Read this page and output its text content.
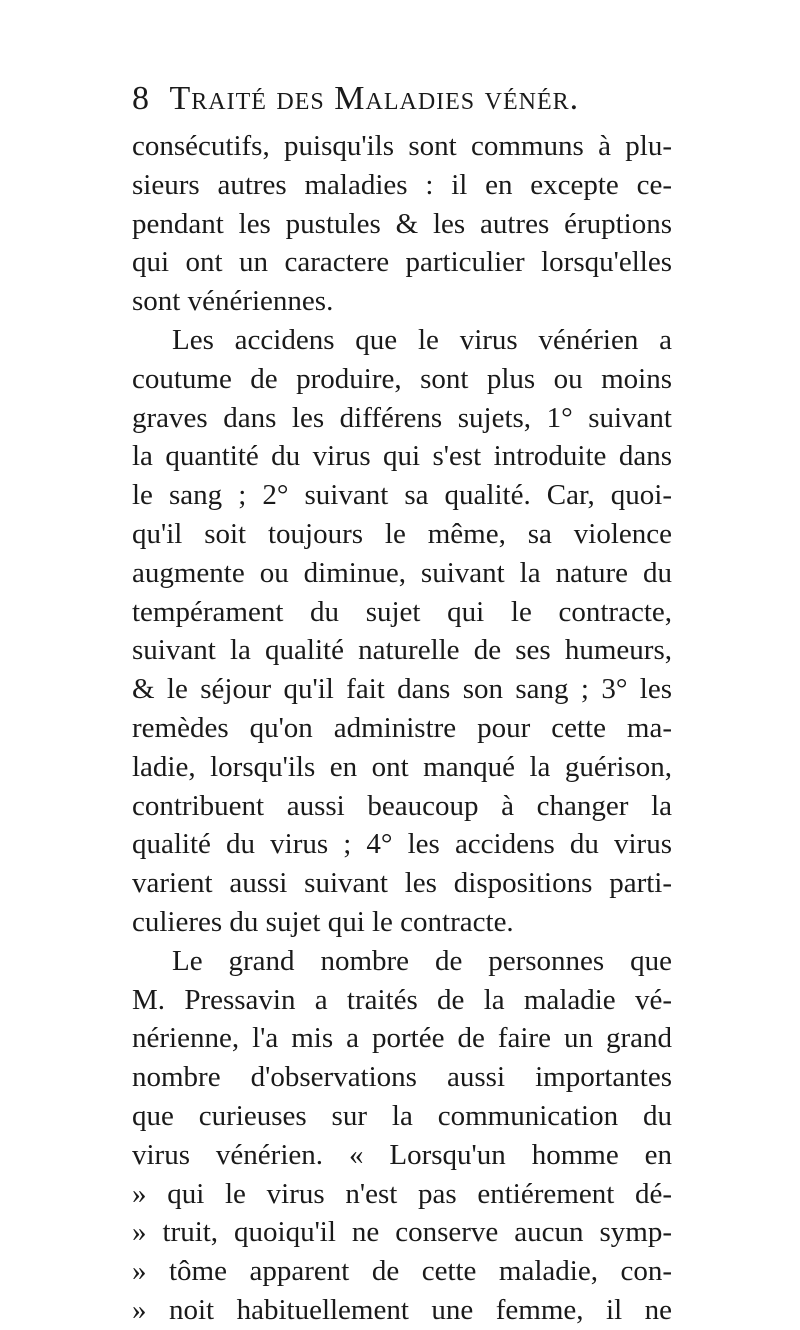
8 Traité des Maladies vénér.
consécutifs, puisqu'ils sont communs à plu-
sieurs autres maladies : il en excepte ce-
pendant les pustules & les autres éruptions
qui ont un caractere particulier lorsqu'elles
sont vénériennes.
Les accidens que le virus vénérien a
coutume de produire, sont plus ou moins
graves dans les différens sujets, 1° suivant
la quantité du virus qui s'est introduite dans
le sang ; 2° suivant sa qualité. Car, quoi-
qu'il soit toujours le même, sa violence
augmente ou diminue, suivant la nature du
tempérament du sujet qui le contracte,
suivant la qualité naturelle de ses humeurs,
& le séjour qu'il fait dans son sang ; 3° les
remèdes qu'on administre pour cette ma-
ladie, lorsqu'ils en ont manqué la guérison,
contribuent aussi beaucoup à changer la
qualité du virus ; 4° les accidens du virus
varient aussi suivant les dispositions parti-
culieres du sujet qui le contracte.
Le grand nombre de personnes que
M. Pressavin a traités de la maladie vé-
nérienne, l'a mis a portée de faire un grand
nombre d'observations aussi importantes
que curieuses sur la communication du
virus vénérien. « Lorsqu'un homme en
» qui le virus n'est pas entiérement dé-
» truit, quoiqu'il ne conserve aucun symp-
» tôme apparent de cette maladie, con-
» noit habituellement une femme, il ne
